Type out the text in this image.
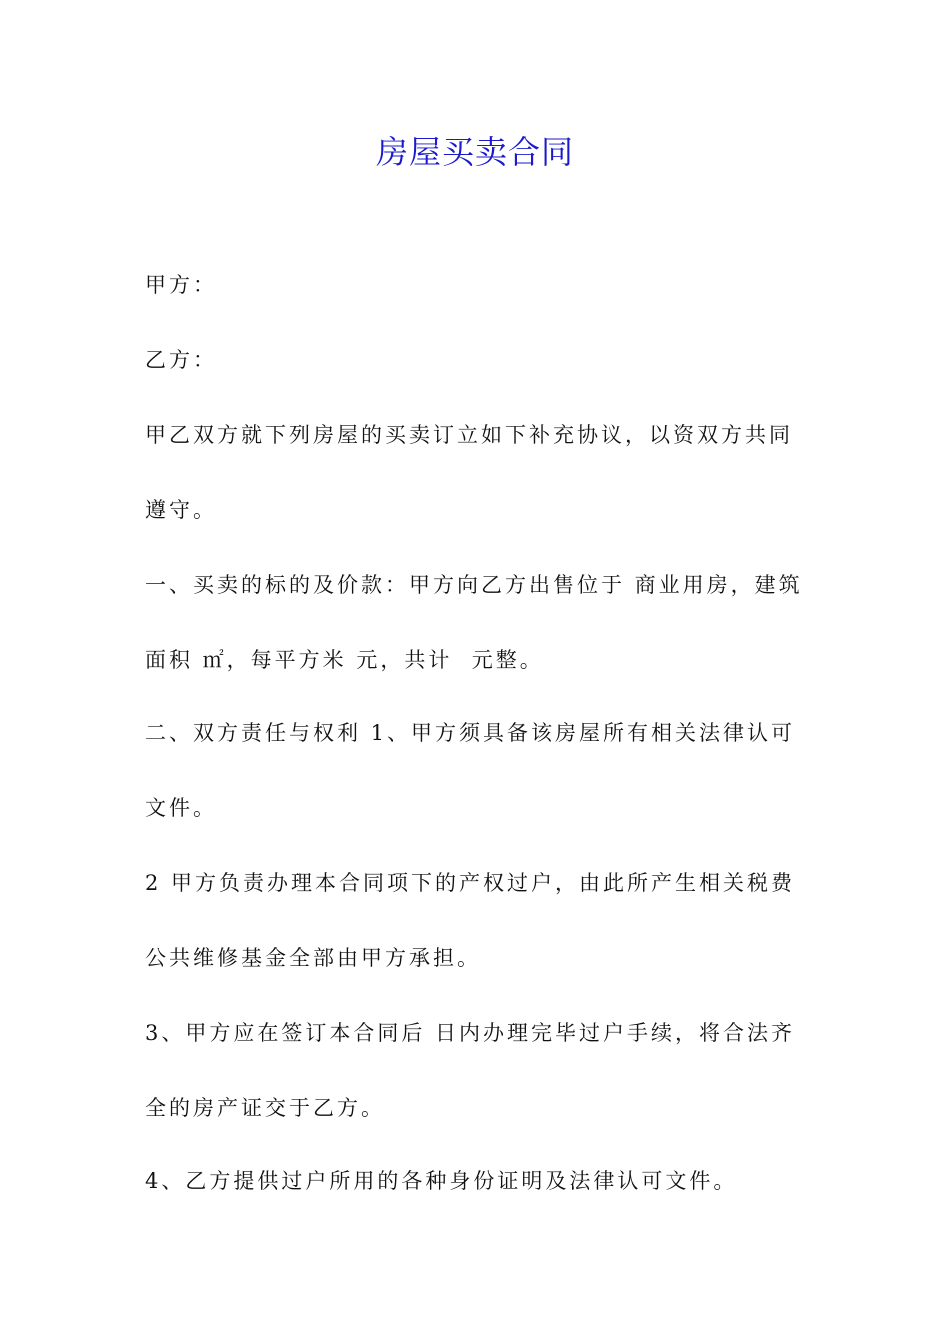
房屋买卖合同
甲方：
乙方：
甲乙双方就下列房屋的买卖订立如下补充协议，以资双方共同
遵守。
一、买卖的标的及价款：甲方向乙方出售位于 商业用房，建筑
面积 ㎡，每平方米 元，共计  元整。
二、双方责任与权利 1、甲方须具备该房屋所有相关法律认可
文件。
2 甲方负责办理本合同项下的产权过户，由此所产生相关税费
公共维修基金全部由甲方承担。
3、甲方应在签订本合同后 日内办理完毕过户手续，将合法齐
全的房产证交于乙方。
4、乙方提供过户所用的各种身份证明及法律认可文件。
